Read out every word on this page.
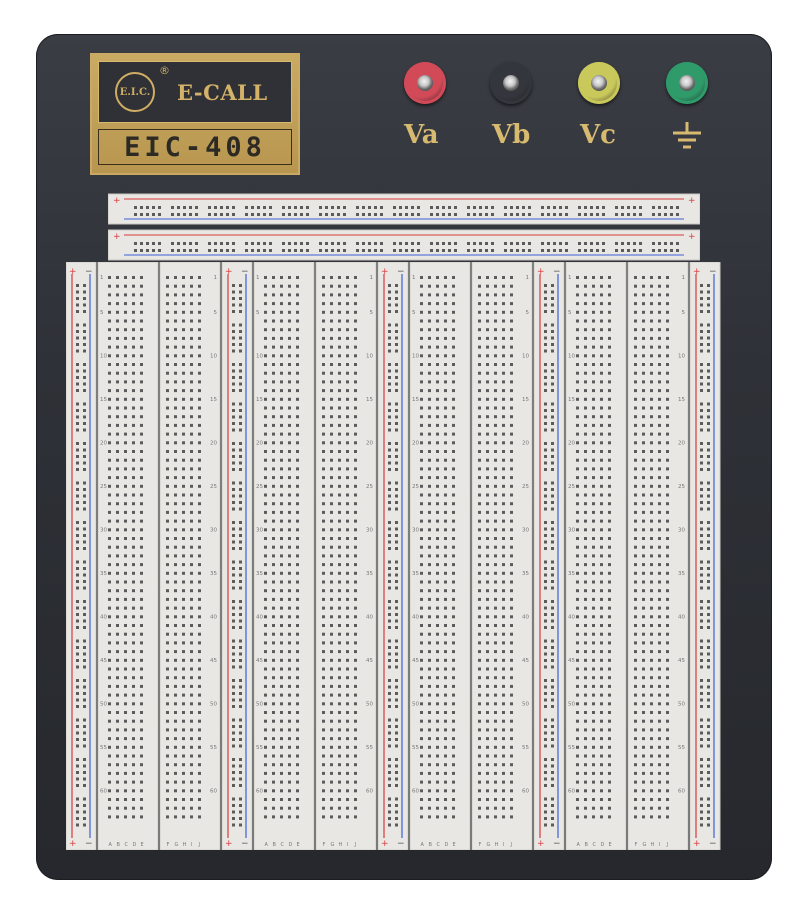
E.I.C.
®
E-CALL
EIC-408	Va Vb Vc
+	+
+	+
+ −
+ −
1
5
10
15
20
25
30
35
40
45
50
55
60
A B C D E
1
5
10
15
20
25
30
35
40
45
50
55
60
F G H I J
+ −
+ −
1
5
10
15
20
25
30
35
40
45
50
55
60
A B C D E
1
5
10
15
20
25
30
35
40
45
50
55
60
F G H I J
+ −
+ −
1
5
10
15
20
25
30
35
40
45
50
55
60
A B C D E
1
5
10
15
20
25
30
35
40
45
50
55
60
F G H I J
+ −
+ −
1
5
10
15
20
25
30
35
40
45
50
55
60
A B C D E
1
5
10
15
20
25
30
35
40
45
50
55
60
F G H I J
+ −
+ −
